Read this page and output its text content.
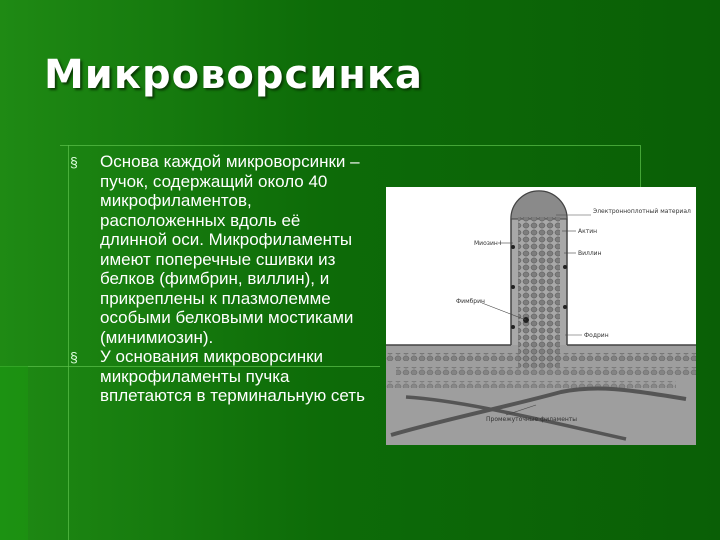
Микроворсинка
§ Основа каждой микроворсинки – пучок, содержащий около 40 микрофиламентов, расположенных вдоль её длинной оси. Микрофиламенты имеют поперечные сшивки из белков (фимбрин, виллин), и прикреплены к плазмолемме особыми белковыми мостиками (минимиозин).
§ У основания микроворсинки микрофиламенты пучка вплетаются в терминальную сеть
Электронноплотный материал
Актин
Виллин
Миозин I
Фимбрин
Фодрин
Промежуточные филаменты
